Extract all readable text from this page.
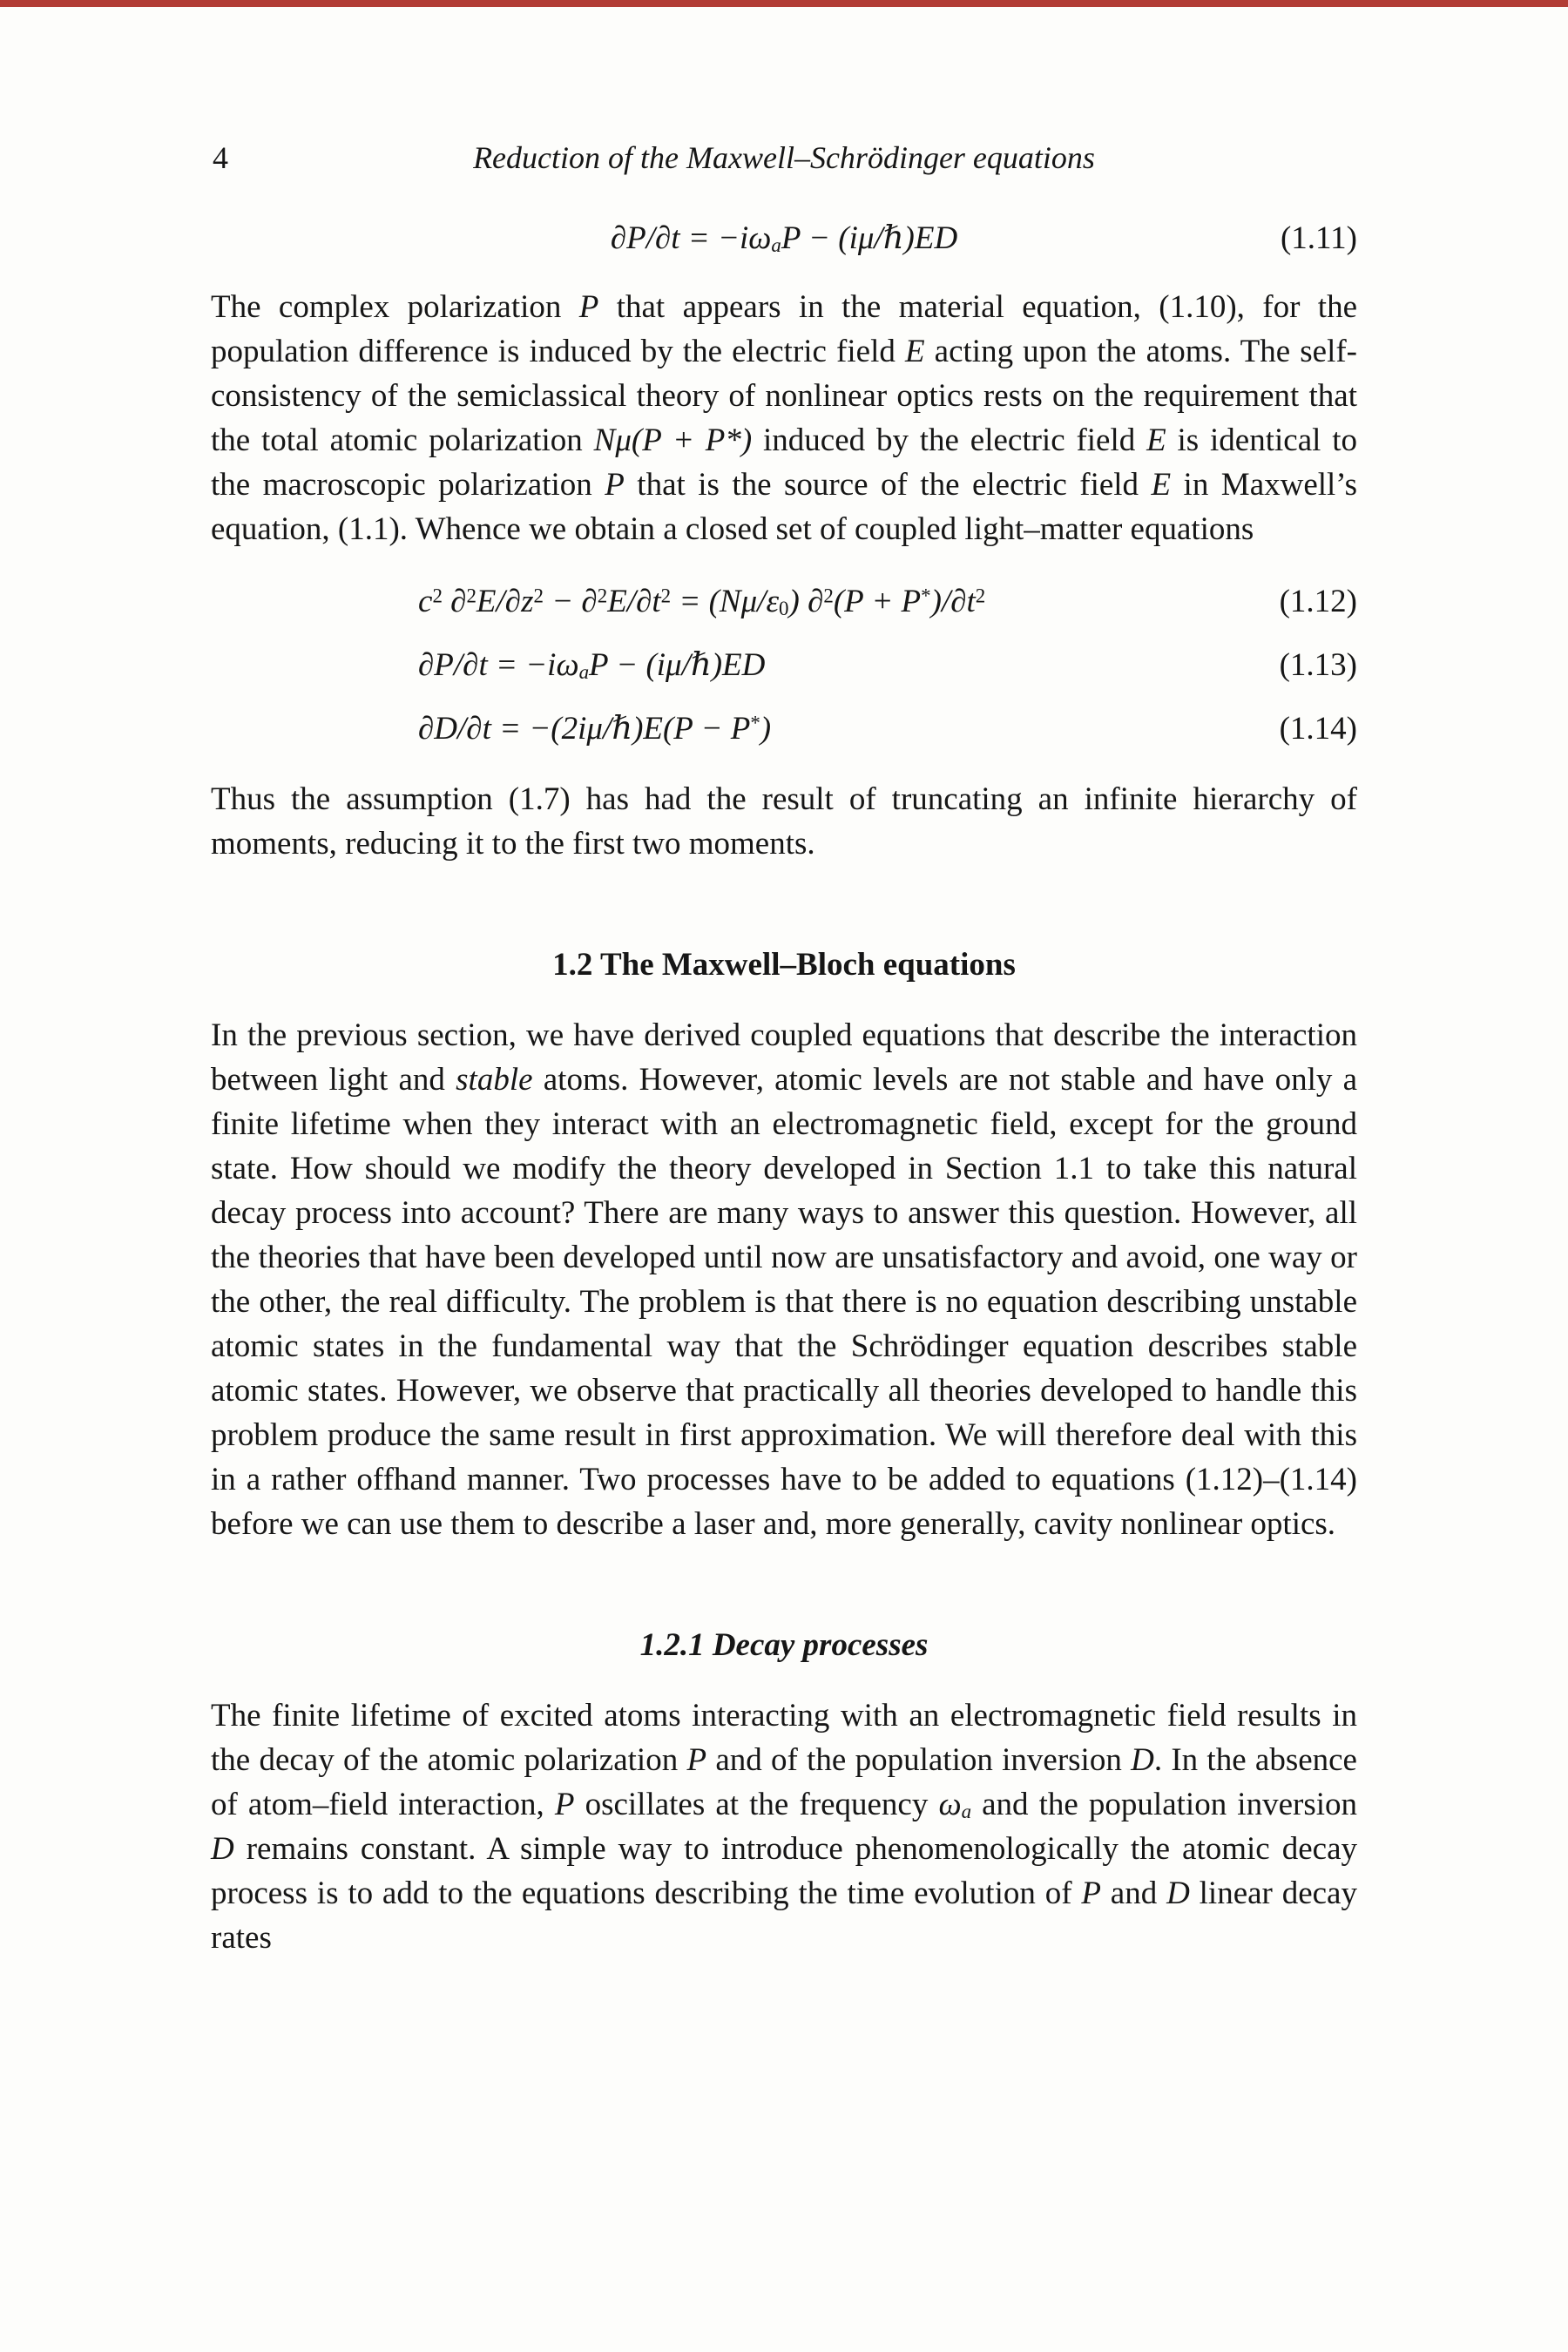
4	Reduction of the Maxwell–Schrödinger equations
∂P/∂t = −iωaP − (iμ/ℏ)ED	(1.11)

The complex polarization P that appears in the material equation, (1.10), for the population difference is induced by the electric field E acting upon the atoms. The self-consistency of the semiclassical theory of nonlinear optics rests on the requirement that the total atomic polarization Nμ(P + P*) induced by the electric field E is identical to the macroscopic polarization P that is the source of the electric field E in Maxwell’s equation, (1.1). Whence we obtain a closed set of coupled light–matter equations

$c^2$ $\partial^2E/\partial z^2 - \partial^2E/\partial t^2 = (N\mu/\varepsilon 0) \partial^2(P + P^*)/\partial t^2$	(1.12)
∂P/∂t = −iωaP − (iμ/ℏ)ED	(1.13)
∂D/∂t = −(2iμ/ℏ)E(P − P*)	(1.14)

Thus the assumption (1.7) has had the result of truncating an infinite hierarchy of moments, reducing it to the first two moments.

1.2 The Maxwell–Bloch equations

In the previous section, we have derived coupled equations that describe the interaction between light and stable atoms. However, atomic levels are not stable and have only a finite lifetime when they interact with an electromagnetic field, except for the ground state. How should we modify the theory developed in Section 1.1 to take this natural decay process into account? There are many ways to answer this question. However, all the theories that have been developed until now are unsatisfactory and avoid, one way or the other, the real difficulty. The problem is that there is no equation describing unstable atomic states in the fundamental way that the Schrödinger equation describes stable atomic states. However, we observe that practically all theories developed to handle this problem produce the same result in first approximation. We will therefore deal with this in a rather offhand manner. Two processes have to be added to equations (1.12)–(1.14) before we can use them to describe a laser and, more generally, cavity nonlinear optics.

1.2.1 Decay processes

The finite lifetime of excited atoms interacting with an electromagnetic field results in the decay of the atomic polarization P and of the population inversion D. In the absence of atom–field interaction, P oscillates at the frequency ωa and the population inversion D remains constant. A simple way to introduce phenomenologically the atomic decay process is to add to the equations describing the time evolution of P and D linear decay rates
